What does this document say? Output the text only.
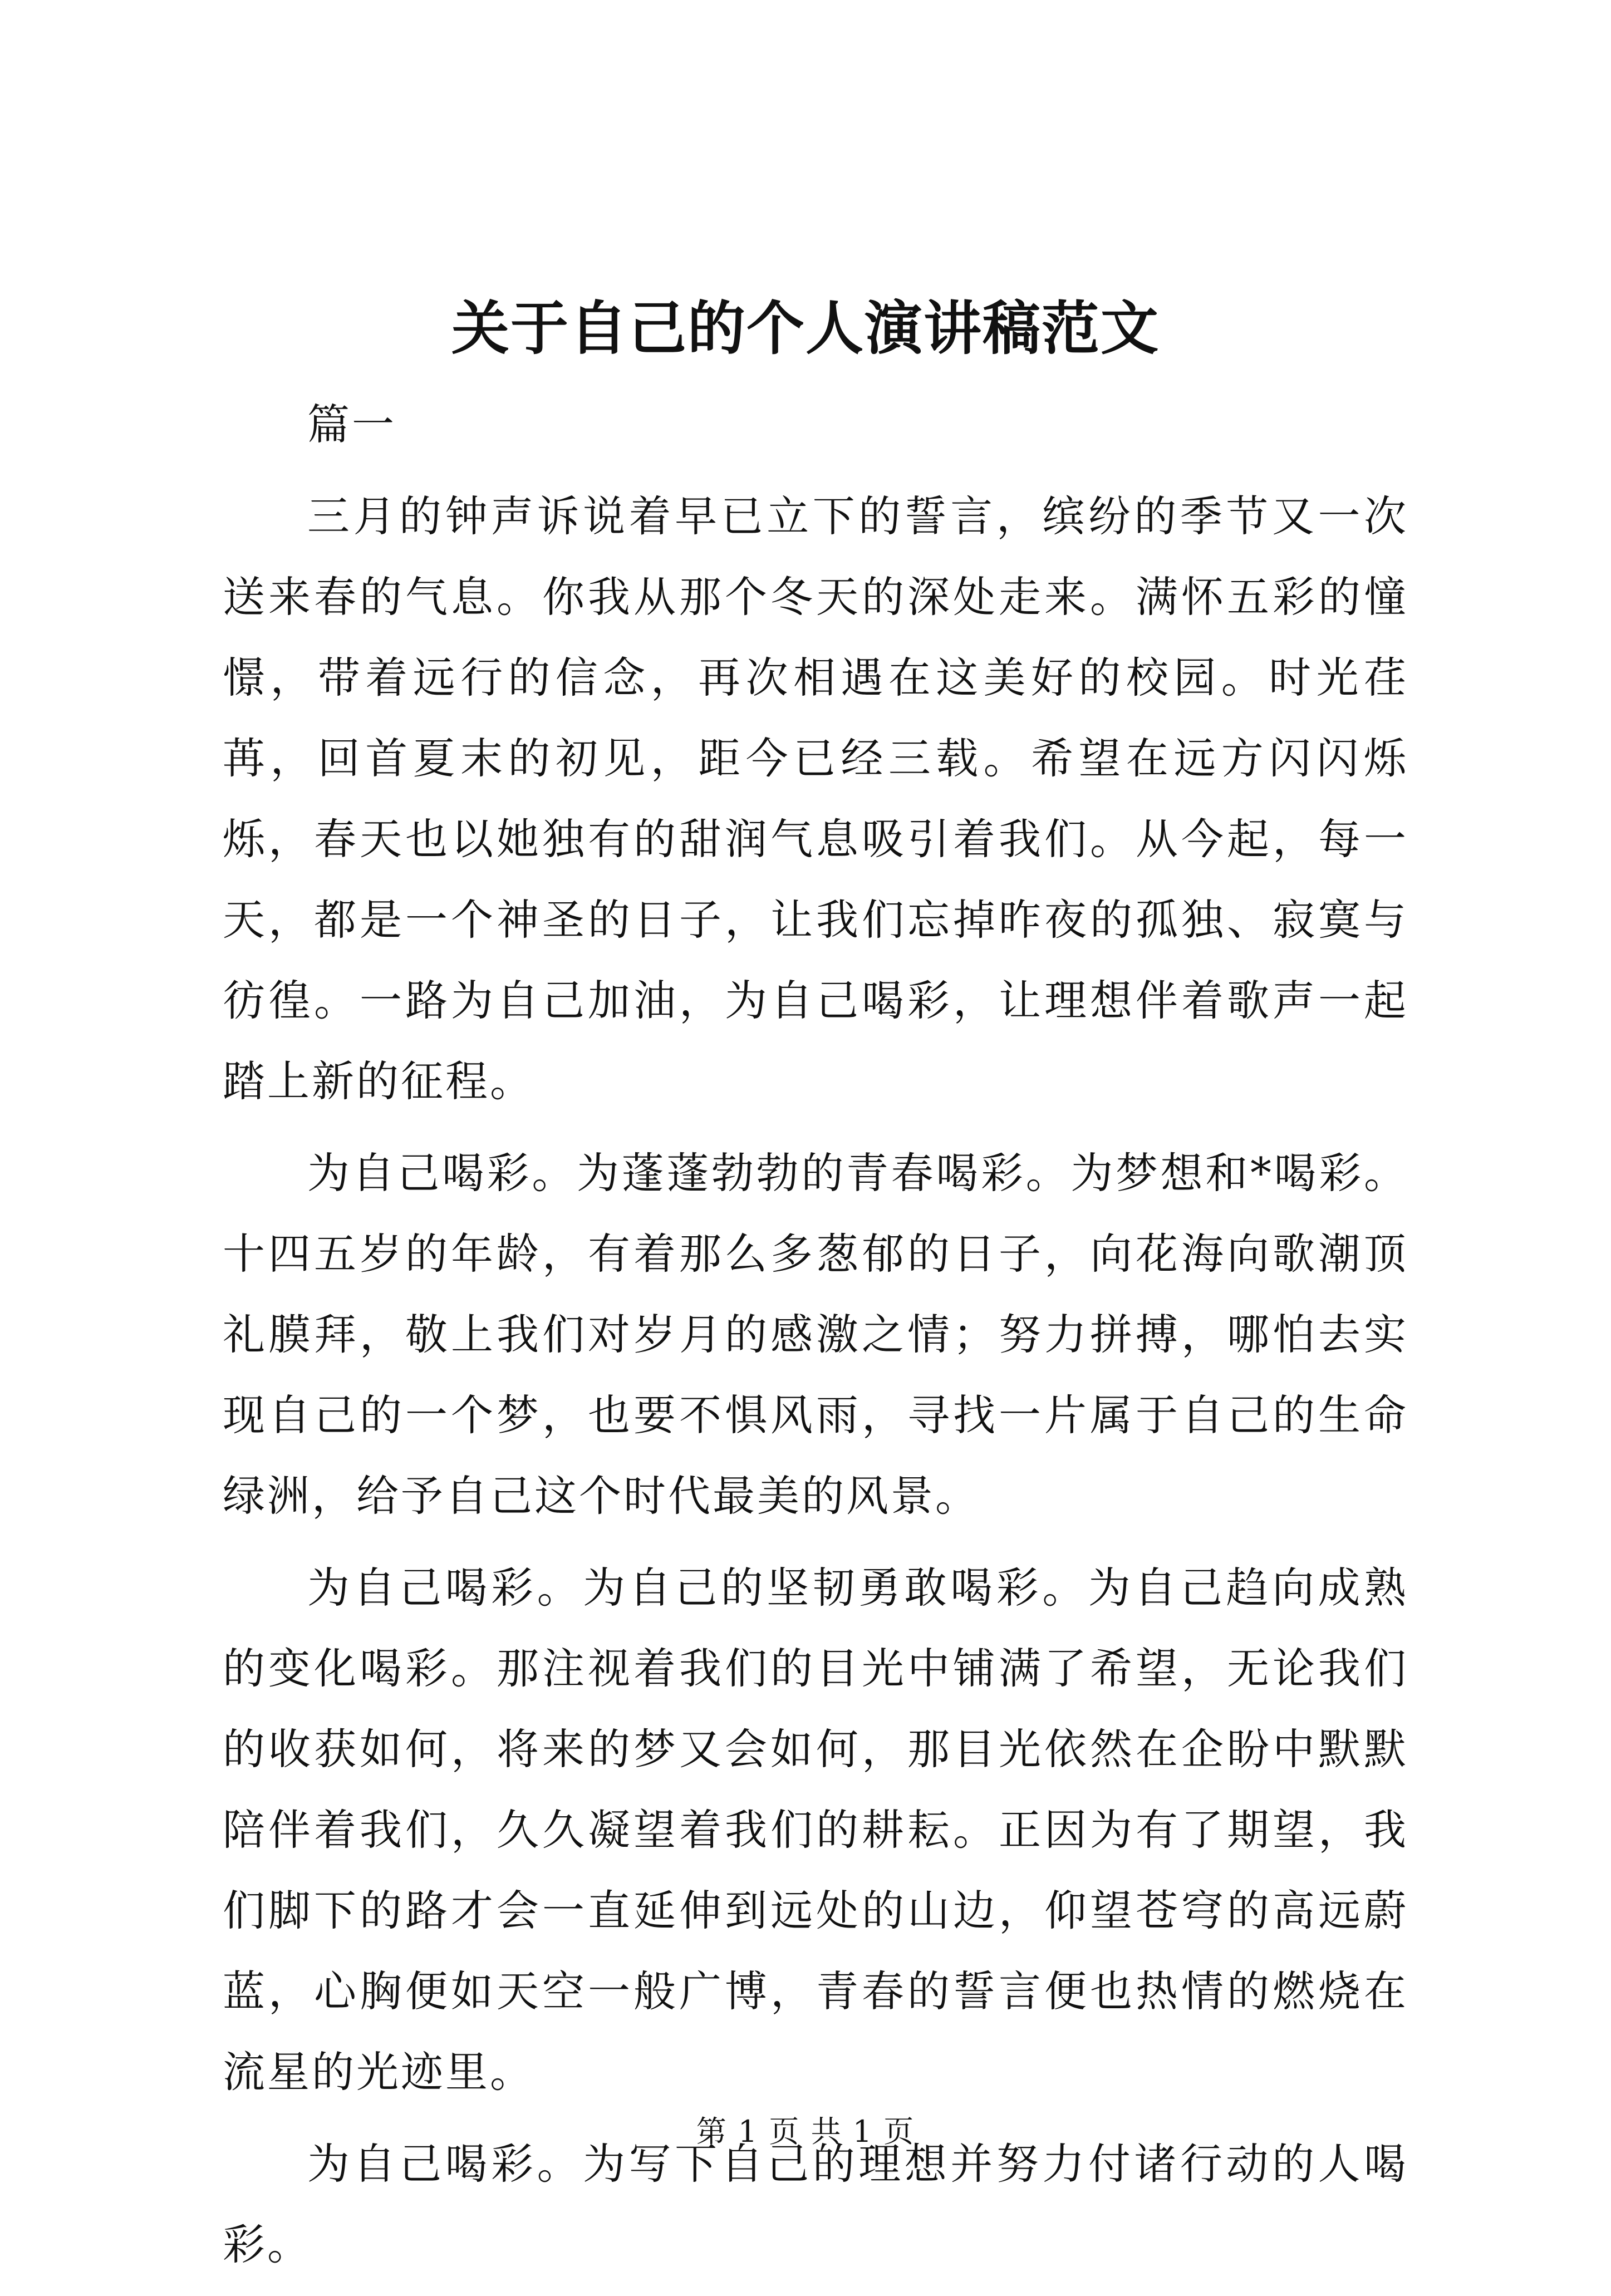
关于自己的个人演讲稿范文

篇一

三月的钟声诉说着早已立下的誓言，缤纷的季节又一次送来春的气息。你我从那个冬天的深处走来。满怀五彩的憧憬，带着远行的信念，再次相遇在这美好的校园。时光荏苒，回首夏末的初见，距今已经三载。希望在远方闪闪烁烁，春天也以她独有的甜润气息吸引着我们。从今起，每一天，都是一个神圣的日子，让我们忘掉昨夜的孤独、寂寞与彷徨。一路为自己加油，为自己喝彩，让理想伴着歌声一起踏上新的征程。

为自己喝彩。为蓬蓬勃勃的青春喝彩。为梦想和*喝彩。十四五岁的年龄，有着那么多葱郁的日子，向花海向歌潮顶礼膜拜，敬上我们对岁月的感激之情；努力拼搏，哪怕去实现自己的一个梦，也要不惧风雨，寻找一片属于自己的生命绿洲，给予自己这个时代最美的风景。

为自己喝彩。为自己的坚韧勇敢喝彩。为自己趋向成熟的变化喝彩。那注视着我们的目光中铺满了希望，无论我们的收获如何，将来的梦又会如何，那目光依然在企盼中默默陪伴着我们，久久凝望着我们的耕耘。正因为有了期望，我们脚下的路才会一直延伸到远处的山边，仰望苍穹的高远蔚蓝，心胸便如天空一般广博，青春的誓言便也热情的燃烧在流星的光迹里。

为自己喝彩。为写下自己的理想并努力付诸行动的人喝彩。

第 1 页 共 1 页
